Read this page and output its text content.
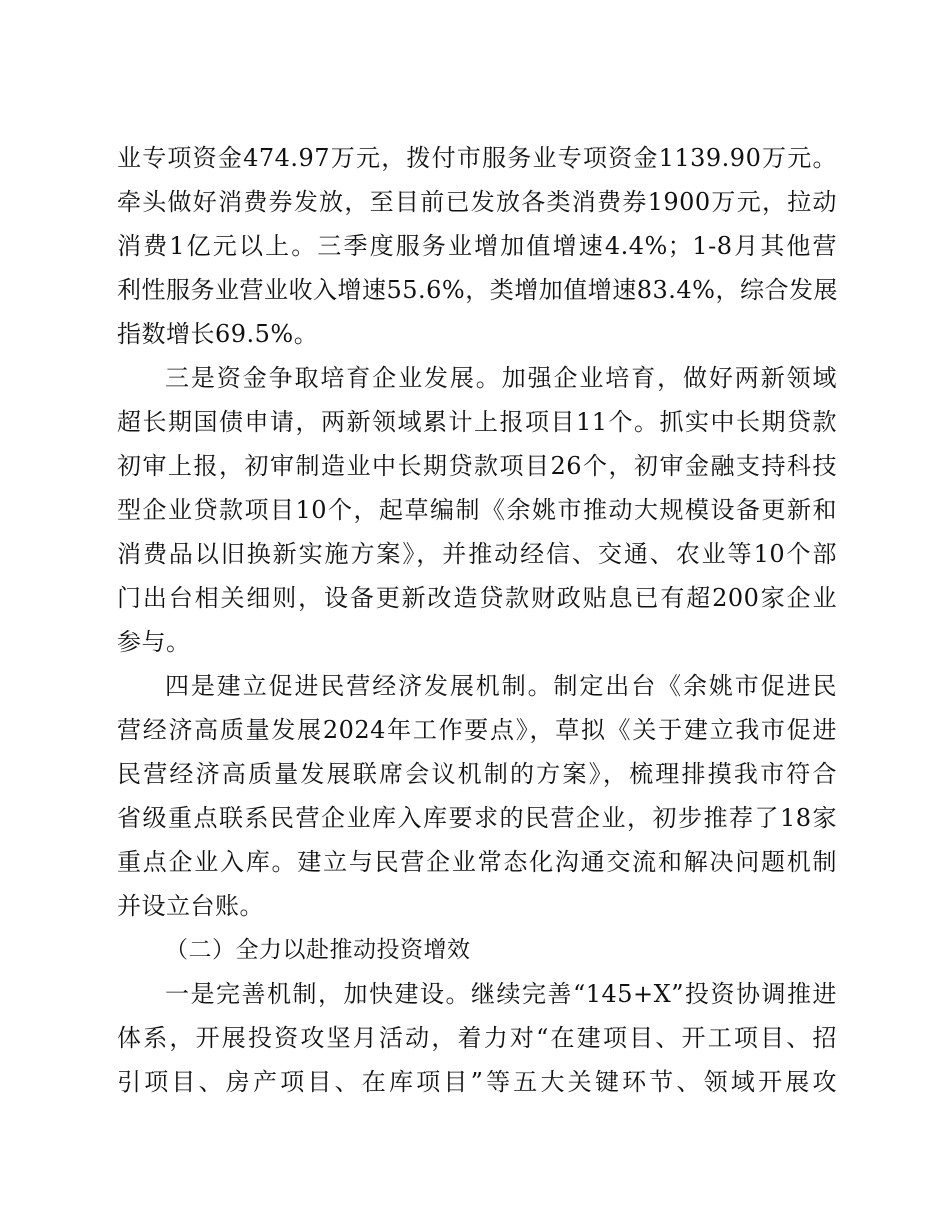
业专项资金474.97万元，拨付市服务业专项资金1139.90万元。
牵头做好消费券发放，至目前已发放各类消费券1900万元，拉动
消费1亿元以上。三季度服务业增加值增速4.4%；1-8月其他营
利性服务业营业收入增速55.6%，类增加值增速83.4%，综合发展
指数增长69.5%。
三是资金争取培育企业发展。加强企业培育，做好两新领域
超长期国债申请，两新领域累计上报项目11个。抓实中长期贷款
初审上报，初审制造业中长期贷款项目26个，初审金融支持科技
型企业贷款项目10个，起草编制《余姚市推动大规模设备更新和
消费品以旧换新实施方案》，并推动经信、交通、农业等10个部
门出台相关细则，设备更新改造贷款财政贴息已有超200家企业
参与。
四是建立促进民营经济发展机制。制定出台《余姚市促进民
营经济高质量发展2024年工作要点》，草拟《关于建立我市促进
民营经济高质量发展联席会议机制的方案》，梳理排摸我市符合
省级重点联系民营企业库入库要求的民营企业，初步推荐了18家
重点企业入库。建立与民营企业常态化沟通交流和解决问题机制
并设立台账。
（二）全力以赴推动投资增效
一是完善机制，加快建设。继续完善“145+X”投资协调推进
体系，开展投资攻坚月活动，着力对“在建项目、开工项目、招
引项目、房产项目、在库项目”等五大关键环节、领域开展攻
